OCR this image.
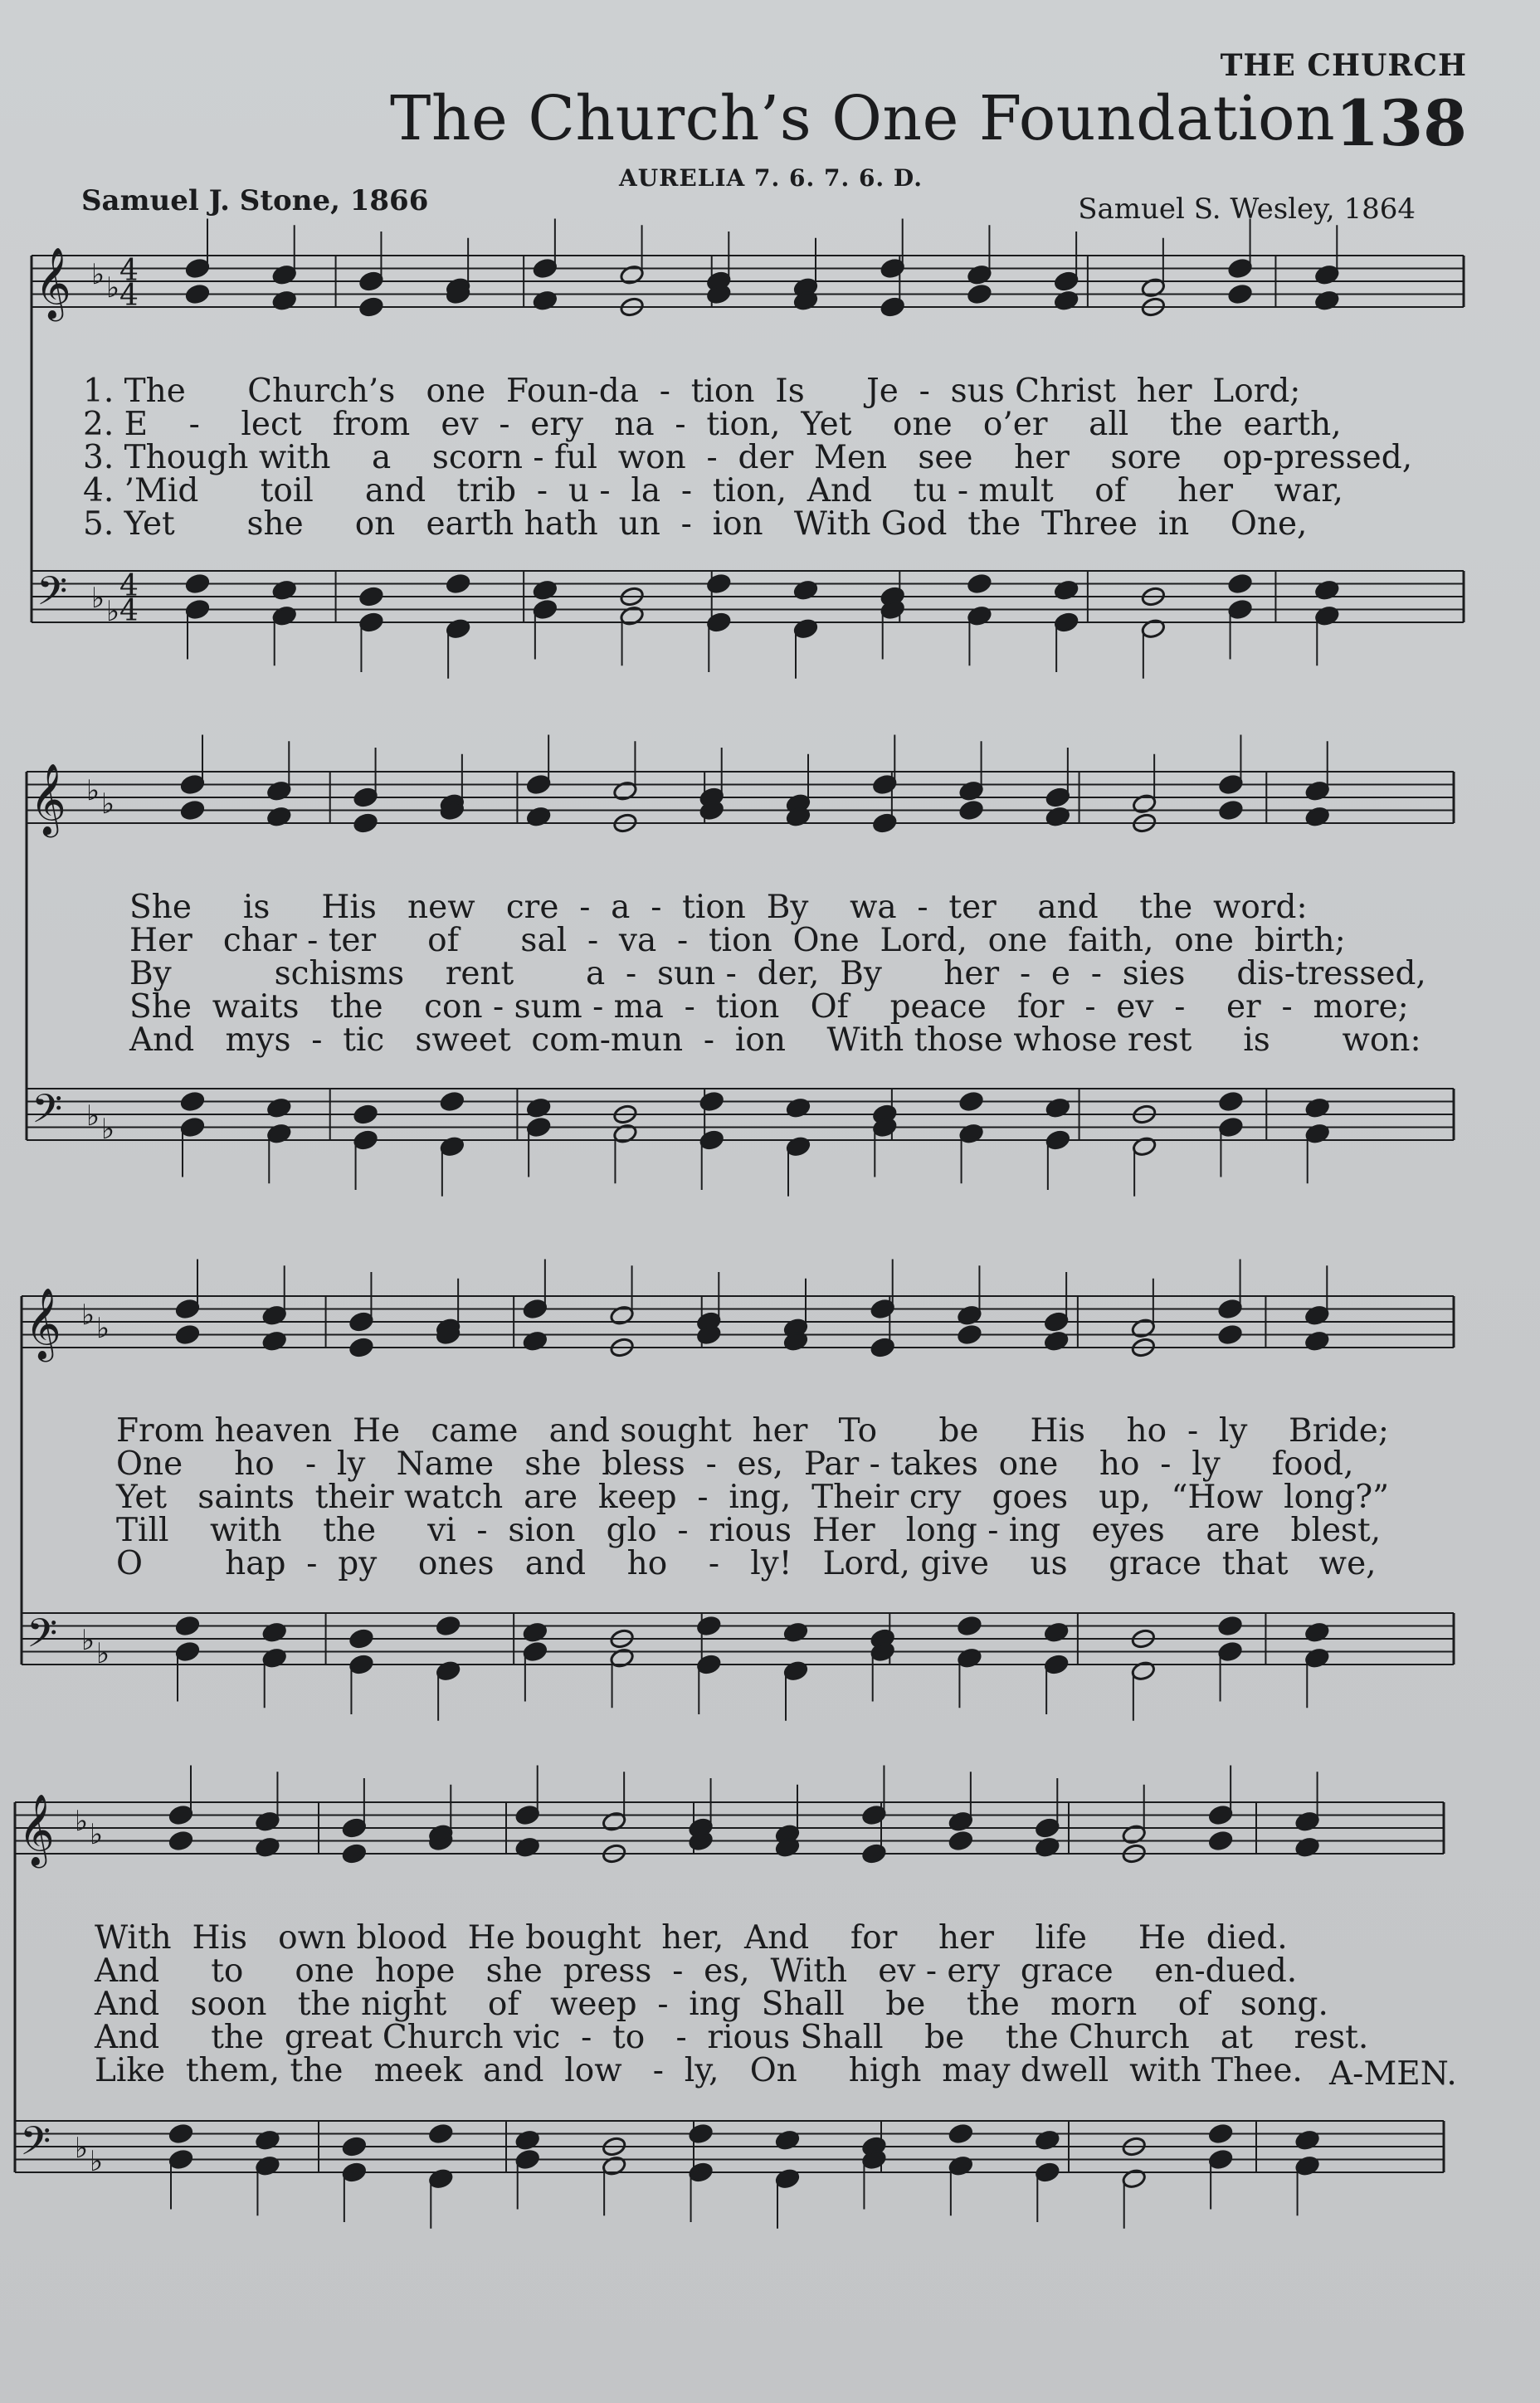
THE CHURCH
138
The Church’s One Foundation
AURELIA 7. 6. 7. 6. D.
Samuel J. Stone, 1866	Samuel S. Wesley, 1864
𝄞
𝄢
♭ ♭
♭ ♭
4
4
4
4
𝄞
𝄢
♭ ♭
♭ ♭
𝄞
𝄢
♭ ♭
♭ ♭
𝄞
𝄢
♭ ♭
♭ ♭
1. The      Church’s   one  Foun-da  -  tion  Is      Je  -  sus Christ  her  Lord;
2. E    -    lect   from   ev  -  ery   na  -  tion,  Yet    one   o’er    all    the  earth,
3. Though with    a    scorn - ful  won  -  der  Men   see    her    sore    op-pressed,
4. ’Mid      toil     and   trib  -  u -  la  -  tion,  And    tu - mult    of     her    war,
5. Yet       she     on   earth hath  un  -  ion   With God  the  Three  in    One,
She     is     His   new   cre  -  a  -  tion  By    wa  -  ter    and    the  word:
Her   char - ter     of      sal  -  va  -  tion  One  Lord,  one  faith,  one  birth;
By          schisms    rent       a  -  sun -  der,  By      her  -  e  -  sies     dis-tressed,
She  waits   the    con - sum - ma  -  tion   Of    peace   for  -  ev  -    er  -  more;
And   mys  -  tic   sweet  com-mun  -  ion    With those whose rest     is       won:
From heaven  He   came   and sought  her   To      be     His    ho  -  ly    Bride;
One     ho   -  ly   Name   she  bless  -  es,  Par - takes  one    ho  -  ly     food,
Yet   saints  their watch  are  keep  -  ing,  Their cry   goes   up,  “How  long?”
Till    with    the     vi  -  sion   glo  -  rious  Her   long - ing   eyes    are   blest,
O        hap  -  py    ones   and    ho    -   ly!   Lord, give    us    grace  that   we,
With  His   own blood  He bought  her,  And    for    her    life     He  died.
And     to     one  hope   she  press  -  es,  With   ev - ery  grace    en-dued.
And   soon   the night    of   weep  -  ing  Shall    be    the   morn    of   song.
And     the  great Church vic  -  to   -  rious Shall    be    the Church   at    rest.
Like  them, the   meek  and  low   -  ly,   On     high  may dwell  with Thee. A-MEN.
